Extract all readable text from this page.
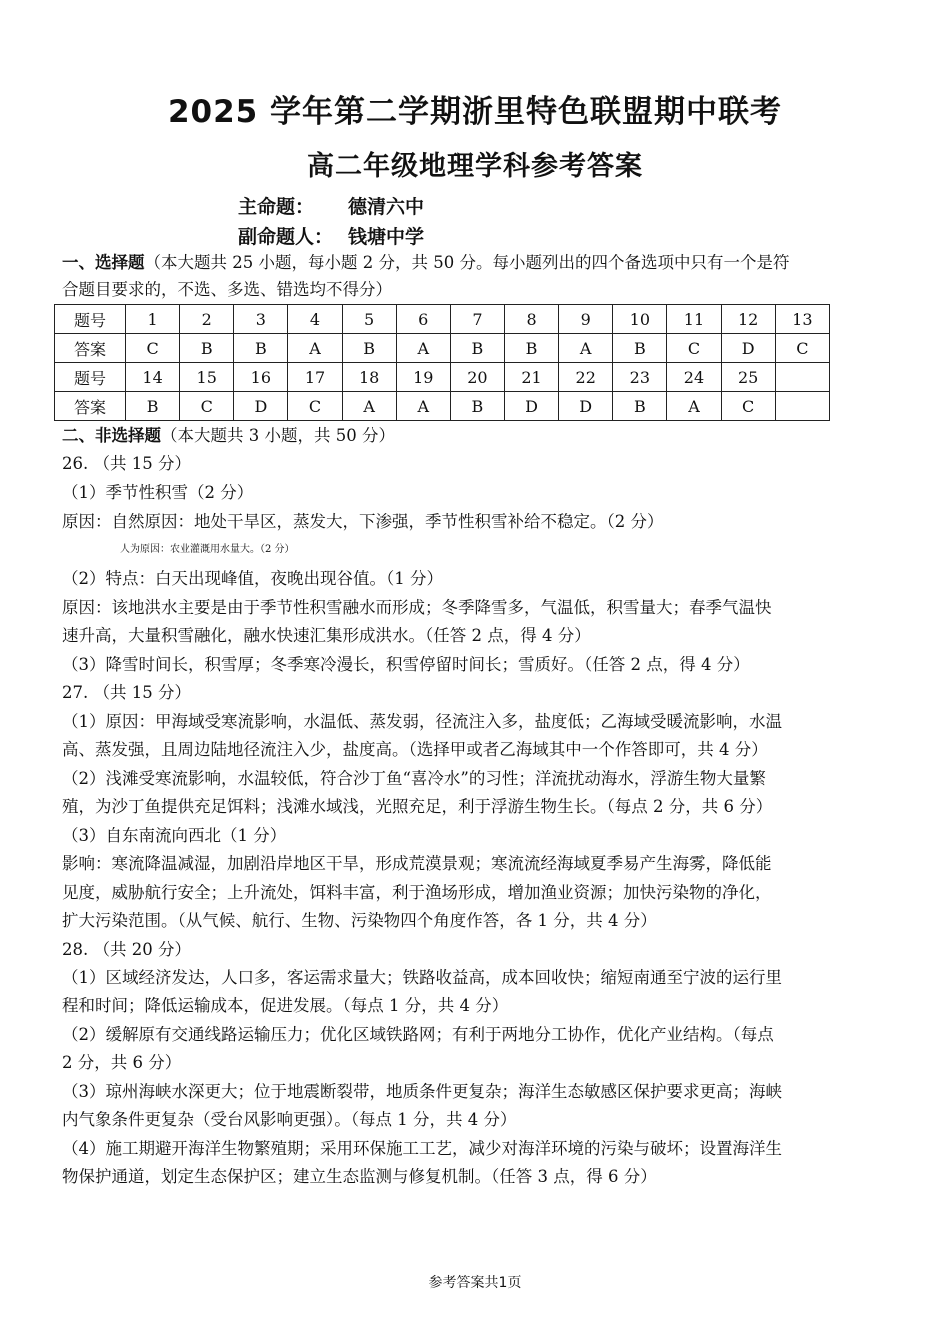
2025 学年第二学期浙里特色联盟期中联考
高二年级地理学科参考答案
主命题： 德清六中
副命题人： 钱塘中学
一、选择题（本大题共 25 小题，每小题 2 分，共 50 分。每小题列出的四个备选项中只有一个是符
合题目要求的，不选、多选、错选均不得分）
题号	1	2	3	4	5	6	7	8	9	10	11	12	13
答案	C	B	B	A	B	A	B	B	A	B	C	D	C
题号	14	15	16	17	18	19	20	21	22	23	24	25	
答案	B	C	D	C	A	A	B	D	D	B	A	C	
二、非选择题（本大题共 3 小题，共 50 分）
26. （共 15 分）
（1）季节性积雪（2 分）
原因：自然原因：地处干旱区，蒸发大，下渗强，季节性积雪补给不稳定。（2 分）
人为原因：农业灌溉用水量大。（2 分）
（2）特点：白天出现峰值，夜晚出现谷值。（1 分）
原因：该地洪水主要是由于季节性积雪融水而形成；冬季降雪多，气温低，积雪量大；春季气温快
速升高，大量积雪融化，融水快速汇集形成洪水。（任答 2 点，得 4 分）
（3）降雪时间长，积雪厚；冬季寒冷漫长，积雪停留时间长；雪质好。（任答 2 点，得 4 分）
27. （共 15 分）
（1）原因：甲海域受寒流影响，水温低、蒸发弱，径流注入多，盐度低；乙海域受暖流影响，水温
高、蒸发强，且周边陆地径流注入少，盐度高。（选择甲或者乙海域其中一个作答即可，共 4 分）
（2）浅滩受寒流影响，水温较低，符合沙丁鱼“喜冷水”的习性；洋流扰动海水，浮游生物大量繁
殖，为沙丁鱼提供充足饵料；浅滩水域浅，光照充足，利于浮游生物生长。（每点 2 分，共 6 分）
（3）自东南流向西北（1 分）
影响：寒流降温减湿，加剧沿岸地区干旱，形成荒漠景观；寒流流经海域夏季易产生海雾，降低能
见度，威胁航行安全；上升流处，饵料丰富，利于渔场形成，增加渔业资源；加快污染物的净化，
扩大污染范围。（从气候、航行、生物、污染物四个角度作答，各 1 分，共 4 分）
28. （共 20 分）
（1）区域经济发达，人口多，客运需求量大；铁路收益高，成本回收快；缩短南通至宁波的运行里
程和时间；降低运输成本，促进发展。（每点 1 分，共 4 分）
（2）缓解原有交通线路运输压力；优化区域铁路网；有利于两地分工协作，优化产业结构。（每点
2 分，共 6 分）
（3）琼州海峡水深更大；位于地震断裂带，地质条件更复杂；海洋生态敏感区保护要求更高；海峡
内气象条件更复杂（受台风影响更强）。（每点 1 分，共 4 分）
（4）施工期避开海洋生物繁殖期；采用环保施工工艺，减少对海洋环境的污染与破坏；设置海洋生
物保护通道，划定生态保护区；建立生态监测与修复机制。（任答 3 点，得 6 分）
参考答案共1页
